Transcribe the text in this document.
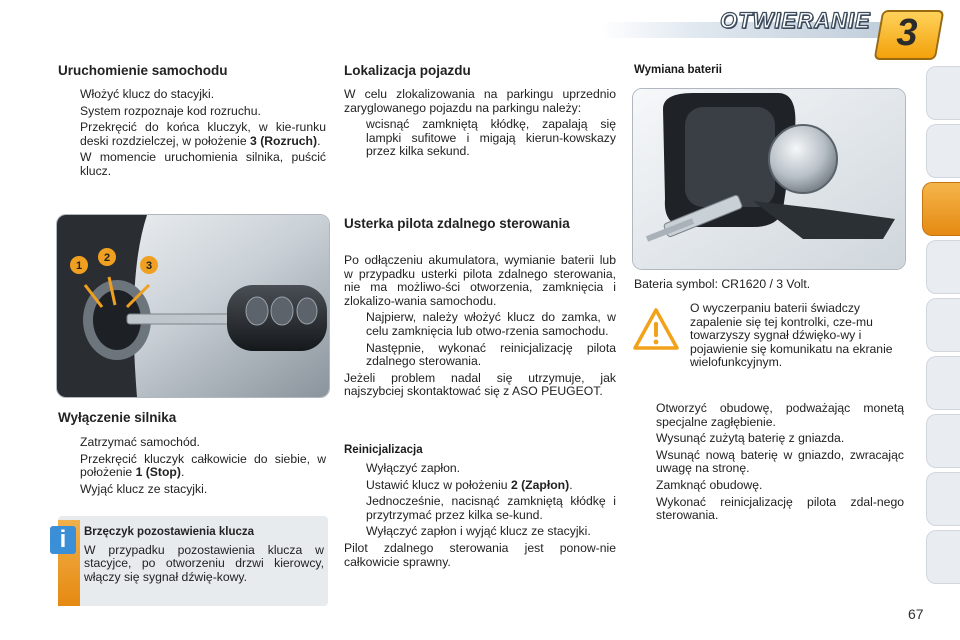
OTWIERANIE 3
Uruchomienie samochodu
Włożyć klucz do stacyjki.
System rozpoznaje kod rozruchu.
Przekręcić do końca kluczyk, w kie-runku deski rozdzielczej, w położenie 3 (Rozruch).
W momencie uruchomienia silnika, puścić klucz.
1
2
3
Wyłączenie silnika
Zatrzymać samochód.
Przekręcić kluczyk całkowicie do siebie, w położenie 1 (Stop).
Wyjąć klucz ze stacyjki.
i	Brzęczyk pozostawienia klucza
W przypadku pozostawienia klucza w stacyjce, po otworzeniu drzwi kierowcy, włączy się sygnał dźwię-kowy.
Lokalizacja pojazdu
W celu zlokalizowania na parkingu uprzednio zaryglowanego pojazdu na parkingu należy:
wcisnąć zamkniętą kłódkę, zapalają się lampki sufitowe i migają kierun-kowskazy przez kilka sekund.
Usterka pilota zdalnego sterowania
Po odłączeniu akumulatora, wymianie baterii lub w przypadku usterki pilota zdalnego sterowania, nie ma możliwo-ści otworzenia, zamknięcia i zlokalizo-wania samochodu.
Najpierw, należy włożyć klucz do zamka, w celu zamknięcia lub otwo-rzenia samochodu.
Następnie, wykonać reinicjalizację pilota zdalnego sterowania.
Jeżeli problem nadal się utrzymuje, jak najszybciej skontaktować się z ASO PEUGEOT.
Reinicjalizacja
Wyłączyć zapłon.
Ustawić klucz w położeniu 2 (Zapłon).
Jednocześnie, nacisnąć zamkniętą kłódkę i przytrzymać przez kilka se-kund.
Wyłączyć zapłon i wyjąć klucz ze stacyjki.
Pilot zdalnego sterowania jest ponow-nie całkowicie sprawny.
Wymiana baterii
Bateria symbol: CR1620 / 3 Volt.
O wyczerpaniu baterii świadczy zapalenie się tej kontrolki, cze-mu towarzyszy sygnał dźwięko-wy i pojawienie się komunikatu na ekranie wielofunkcyjnym.
Otworzyć obudowę, podważając monetą specjalne zagłębienie.
Wysunąć zużytą baterię z gniazda.
Wsunąć nową baterię w gniazdo, zwracając uwagę na stronę.
Zamknąć obudowę.
Wykonać reinicjalizację pilota zdal-nego sterowania.
67
